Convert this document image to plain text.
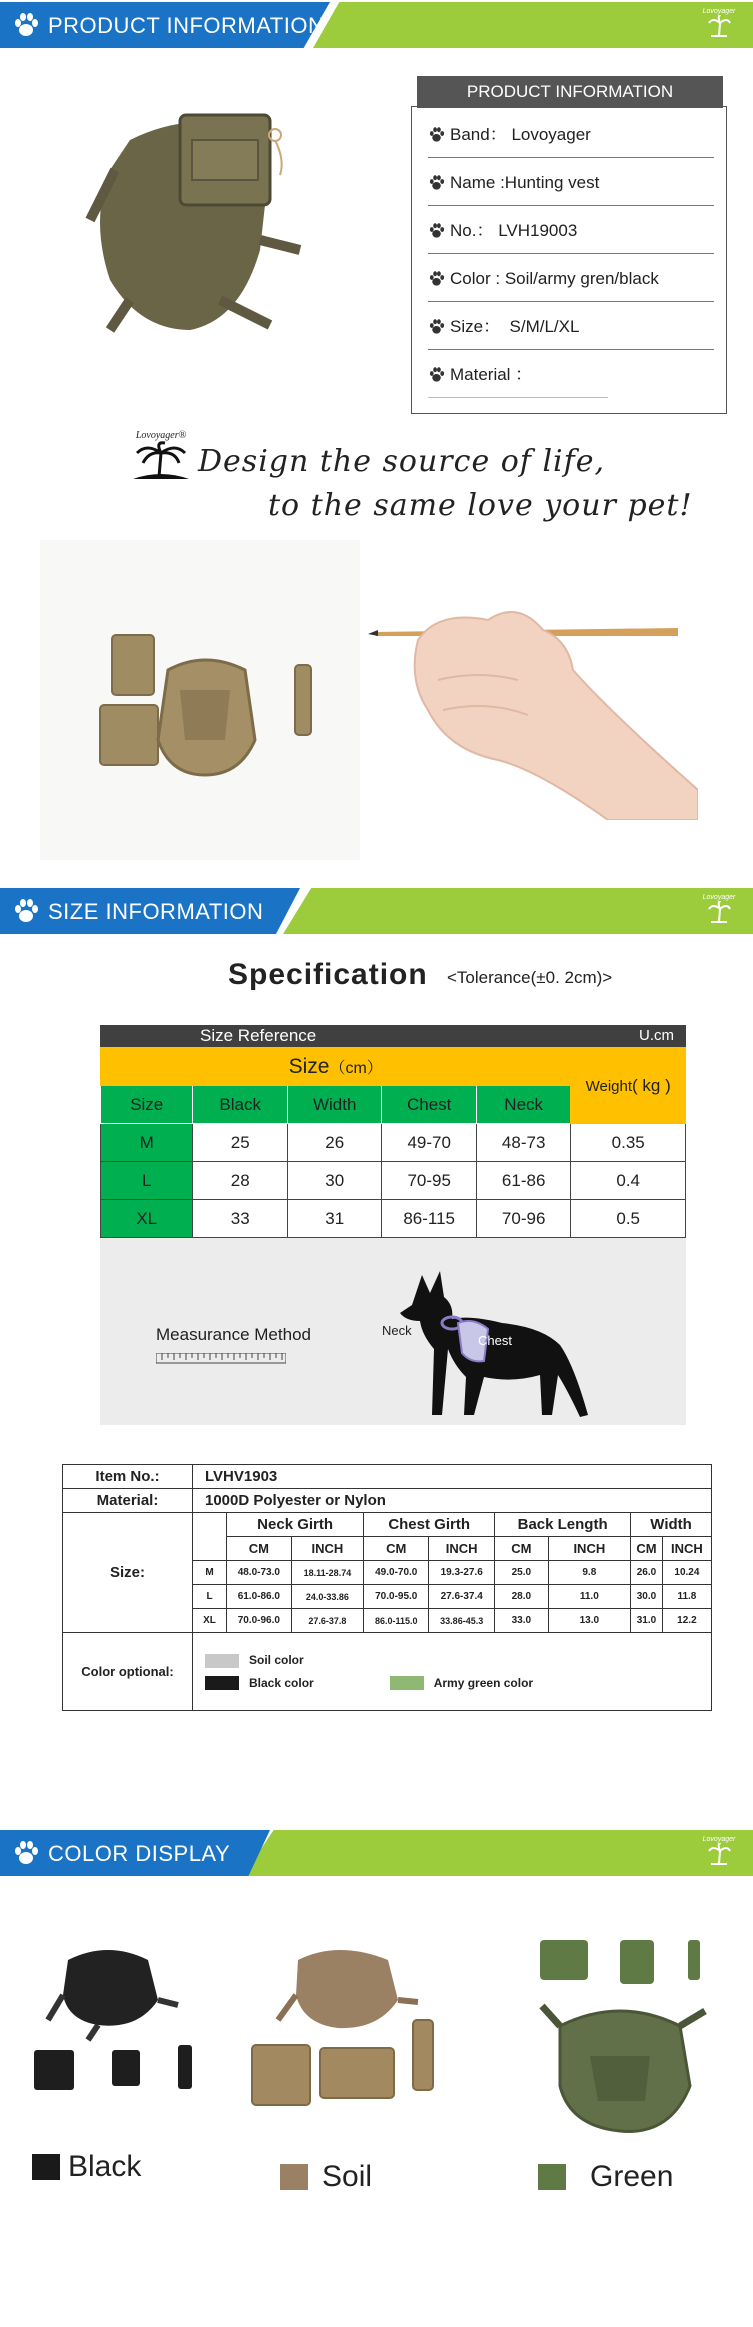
PRODUCT INFORMATION
Lovoyager
PRODUCT INFORMATION
Band： Lovoyager
Name :Hunting vest
No.： LVH19003
Color : Soil/army gren/black
Size： S/M/L/XL
Material ：
Lovoyager®
Design the source of life,
to the same love your pet!
SIZE INFORMATION
Lovoyager
Specification <Tolerance(±0. 2cm)>
Size Reference	U.cm
Size（cm）					Weight( kg )
Size	Black	Width	Chest	Neck	
M	25	26	49-70	48-73	0.35
L	28	30	70-95	61-86	0.4
XL	33	31	86-115	70-96	0.5
Measurance Method	Neck
Chest
Item No.:	LVHV1903								
Material:	1000D Polyester or Nylon								
Size:		Neck Girth		Chest Girth		Back Length		Width	
		CM	INCH	CM	INCH	CM	INCH	CM	INCH
	M	48.0-73.0	18.11-28.74	49.0-70.0	19.3-27.6	25.0	9.8	26.0	10.24
	L	61.0-86.0	24.0-33.86	70.0-95.0	27.6-37.4	28.0	11.0	30.0	11.8
	XL	70.0-96.0	27.6-37.8	86.0-115.0	33.86-45.3	33.0	13.0	31.0	12.2
Color optional:	Soil color
Black color Army green color								
COLOR DISPLAY
Lovoyager
Black	Soil	Green
